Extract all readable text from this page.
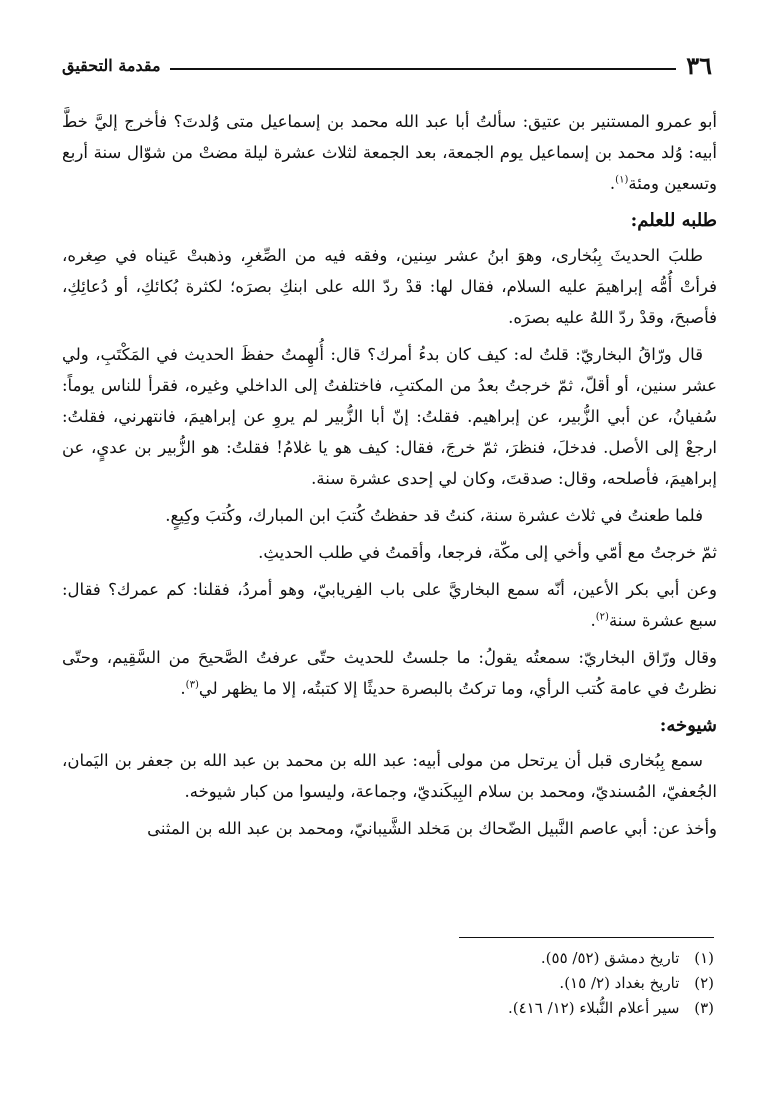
٣٦
مقدمة التحقيق

أبو عمرو المستنير بن عتيق: سألتُ أبا عبد الله محمد بن إسماعيل متى وُلدتَ؟ فأخرج إليَّ خطَّ أبيه: وُلد محمد بن إسماعيل يوم الجمعة، بعد الجمعة لثلاث عشرة ليلة مضتْ من شوّال سنة أربع وتسعين ومئة$^{(١)}$.

طلبه للعلم:

طلبَ الحديثَ بِبُخارى، وهوَ ابنُ عشر سِنين، وفقه فيه من الصِّغرِ، وذهبتْ عَيناه في صِغره، فرأتْ أُمُّه إبراهيمَ عليه السلام، فقال لها: قدْ ردّ الله على ابنكِ بصرَه؛ لكثرة بُكائكِ، أو دُعائِكِ، فأصبحَ، وقدْ ردّ اللهُ عليه بصرَه.

قال ورّاقُ البخاريّ: قلتُ له: كيف كان بدءُ أمرك؟ قال: أُلهِمتُ حفظَ الحديث في المَكْتَبِ، ولي عشر سنين، أو أقلّ، ثمّ خرجتُ بعدُ من المكتبِ، فاختلفتُ إلى الداخلي وغيره، فقرأ للناس يوماً: سُفيانُ، عن أبي الزُّبير، عن إبراهيم. فقلتُ: إنّ أبا الزُّبير لم يروِ عن إبراهيمَ، فانتهرني، فقلتُ: ارجعْ إلى الأصل. فدخلَ، فنظرَ، ثمّ خرجَ، فقال: كيف هو يا غلامُ! فقلتُ: هو الزُّبير بن عديٍ، عن إبراهيمَ، فأصلحه، وقال: صدقتَ، وكان لي إحدى عشرة سنة.

فلما طعنتُ في ثلاث عشرة سنة، كنتُ قد حفظتُ كُتبَ ابن المبارك، وكُتبَ وكِيعٍ.

ثمّ خرجتُ مع أمّي وأخي إلى مكّة، فرجعا، وأقمتُ في طلب الحديثِ.

وعن أبي بكر الأعين، أنّه سمع البخاريَّ على باب الفِريابيّ، وهو أمردُ، فقلنا: كم عمرك؟ فقال: سبع عشرة سنة$^{(٢)}$.

وقال ورّاق البخاريّ: سمعتُه يقولُ: ما جلستُ للحديث حتّى عرفتُ الصَّحيحَ من السَّقِيم، وحتّى نظرتُ في عامة كُتب الرأي، وما تركتُ بالبصرة حديثًا إلا كتبتُه، إلا ما يظهر لي$^{(٣)}$.

شيوخه:

سمع بِبُخارى قبل أن يرتحل من مولى أبيه: عبد الله بن محمد بن عبد الله بن جعفر بن اليَمان، الجُعفيّ، المُسنديّ، ومحمد بن سلام البِيكَنديّ، وجماعة، وليسوا من كبار شيوخه.

وأخذ عن: أبي عاصم النَّبيل الضّحاك بن مَخلد الشَّيبانيّ، ومحمد بن عبد الله بن المثنى

(١) تاريخ دمشق (٥٢/ ٥٥).
(٢) تاريخ بغداد (٢/ ١٥).
(٣) سير أعلام النُّبلاء (١٢/ ٤١٦).
